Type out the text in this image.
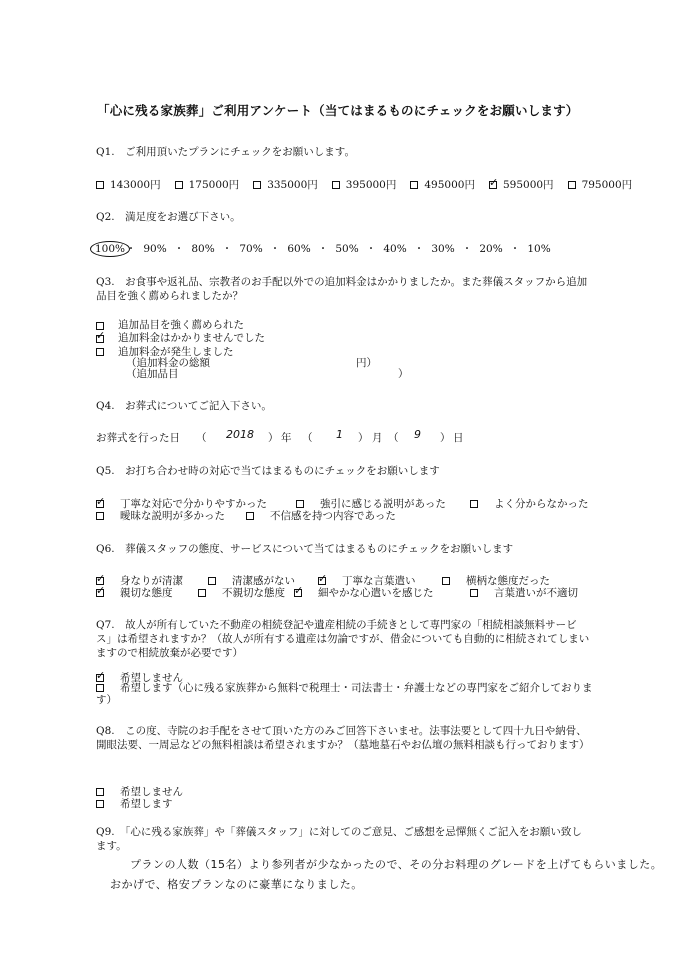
「心に残る家族葬」ご利用アンケート（当てはまるものにチェックをお願いします）
Q1.　ご利用頂いたプランにチェックをお願いします。
143000円	175000円	335000円	395000円	495000円 ✓	595000円	795000円
Q2.　満足度をお選び下さい。
100% ・ 90% ・ 80% ・ 70% ・ 60% ・ 50% ・ 40% ・ 30% ・ 20% ・ 10%
Q3.　お食事や返礼品、宗教者のお手配以外での追加料金はかかりましたか。また葬儀スタッフから追加品目を強く薦められましたか？
追加品目を強く薦められた

✓
追加料金はかかりませんでした

追加料金が発生しました
（追加料金の総額	円）
（追加品目	）
Q4.　お葬式についてご記入下さい。
お葬式を行った日 （ 2018 ） 年 （ 1 ） 月 （ 9 ） 日
Q5.　お打ち合わせ時の対応で当てはまるものにチェックをお願いします
✓
丁寧な対応で分かりやすかった	強引に感じる説明があった	よく分からなかった
曖昧な説明が多かった	不信感を持つ内容であった
Q6.　葬儀スタッフの態度、サービスについて当てはまるものにチェックをお願いします
✓
身なりが清潔	清潔感がない ✓	丁寧な言葉遣い	横柄な態度だった
✓
親切な態度	不親切な態度 ✓	細やかな心遣いを感じた	言葉遣いが不適切
Q7.　故人が所有していた不動産の相続登記や遺産相続の手続きとして専門家の「相続相談無料サービス」は希望されますか？（故人が所有する遺産は勿論ですが、借金についても自動的に相続されてしまいますので相続放棄が必要です）
✓
希望しません
希望します（心に残る家族葬から無料で税理士・司法書士・弁護士などの専門家をご紹介しております）
Q8.　この度、寺院のお手配をさせて頂いた方のみご回答下さいませ。法事法要として四十九日や納骨、開眼法要、一周忌などの無料相談は希望されますか？（墓地墓石やお仏壇の無料相談も行っております）
希望しません
希望します
Q9.　「心に残る家族葬」や「葬儀スタッフ」に対してのご意見、ご感想を忌憚無くご記入をお願い致します。
プランの人数（15名）より参列者が少なかったので、その分お料理のグレードを上げてもらいました。
おかげで、格安プランなのに豪華になりました。
